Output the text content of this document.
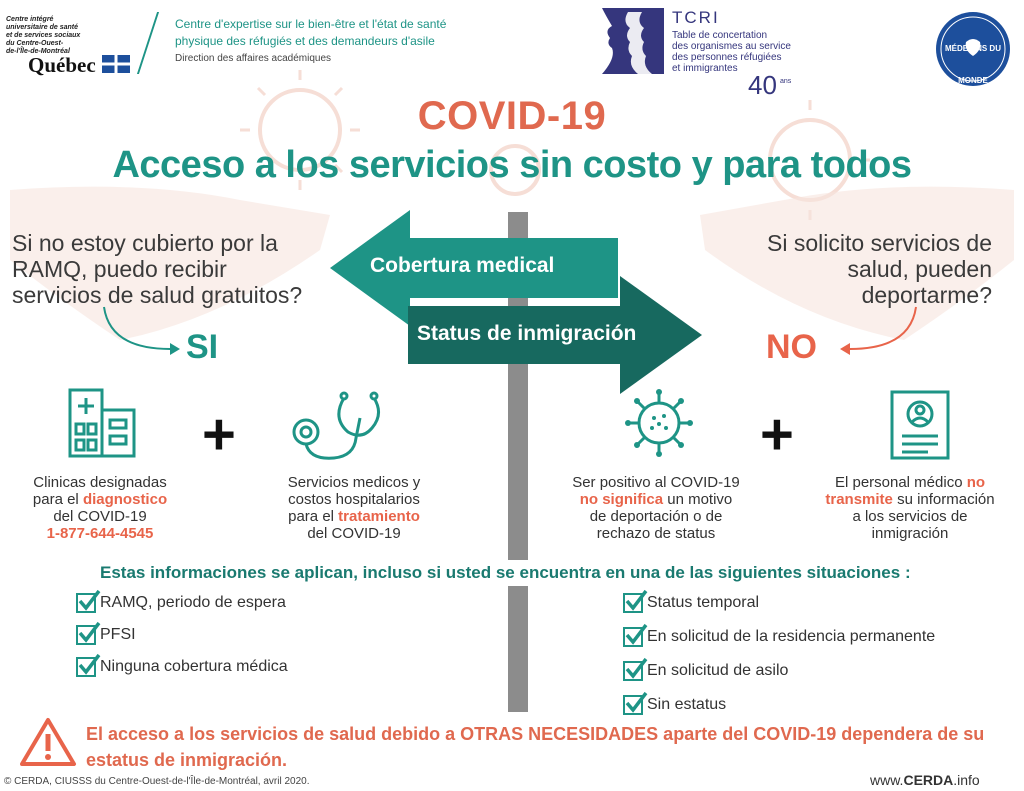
Centre intégré
universitaire de santé
et de services sociaux
du Centre-Ouest-
de-l'Île-de-Montréal
Québec
Centre d'expertise sur le bien-être et l'état de santé
physique des réfugiés et des demandeurs d'asile
Direction des affaires académiques
TCRI
Table de concertation
des organismes au service
des personnes réfugiées
et immigrantes
40 ans
MÉDECINS DU MONDE
COVID-19
Acceso a los servicios sin costo y para todos
Cobertura medical
Status de inmigración
Si no estoy cubierto por la
RAMQ, puedo recibir
servicios de salud gratuitos?
SI
Si solicito servicios de
salud, pueden
deportarme?
NO
+	+
Clinicas designadas
para el diagnostico
del COVID-19
1-877-644-4545
Servicios medicos y
costos hospitalarios
para el tratamiento
del COVID-19
Ser positivo al COVID-19
no significa un motivo
de deportación o de
rechazo de status
El personal médico no
transmite su información
a los servicios de
inmigración
Estas informaciones se aplican, incluso si usted se encuentra en una de las siguientes situaciones :
RAMQ, periodo de espera
PFSI
Ninguna cobertura médica
Status temporal
En solicitud de la residencia permanente
En solicitud de asilo
Sin estatus
El acceso a los servicios de salud debido a OTRAS NECESIDADES aparte del COVID-19 dependera de su
estatus de inmigración.
© CERDA, CIUSSS du Centre-Ouest-de-l'Île-de-Montréal, avril 2020.	www.CERDA.info
